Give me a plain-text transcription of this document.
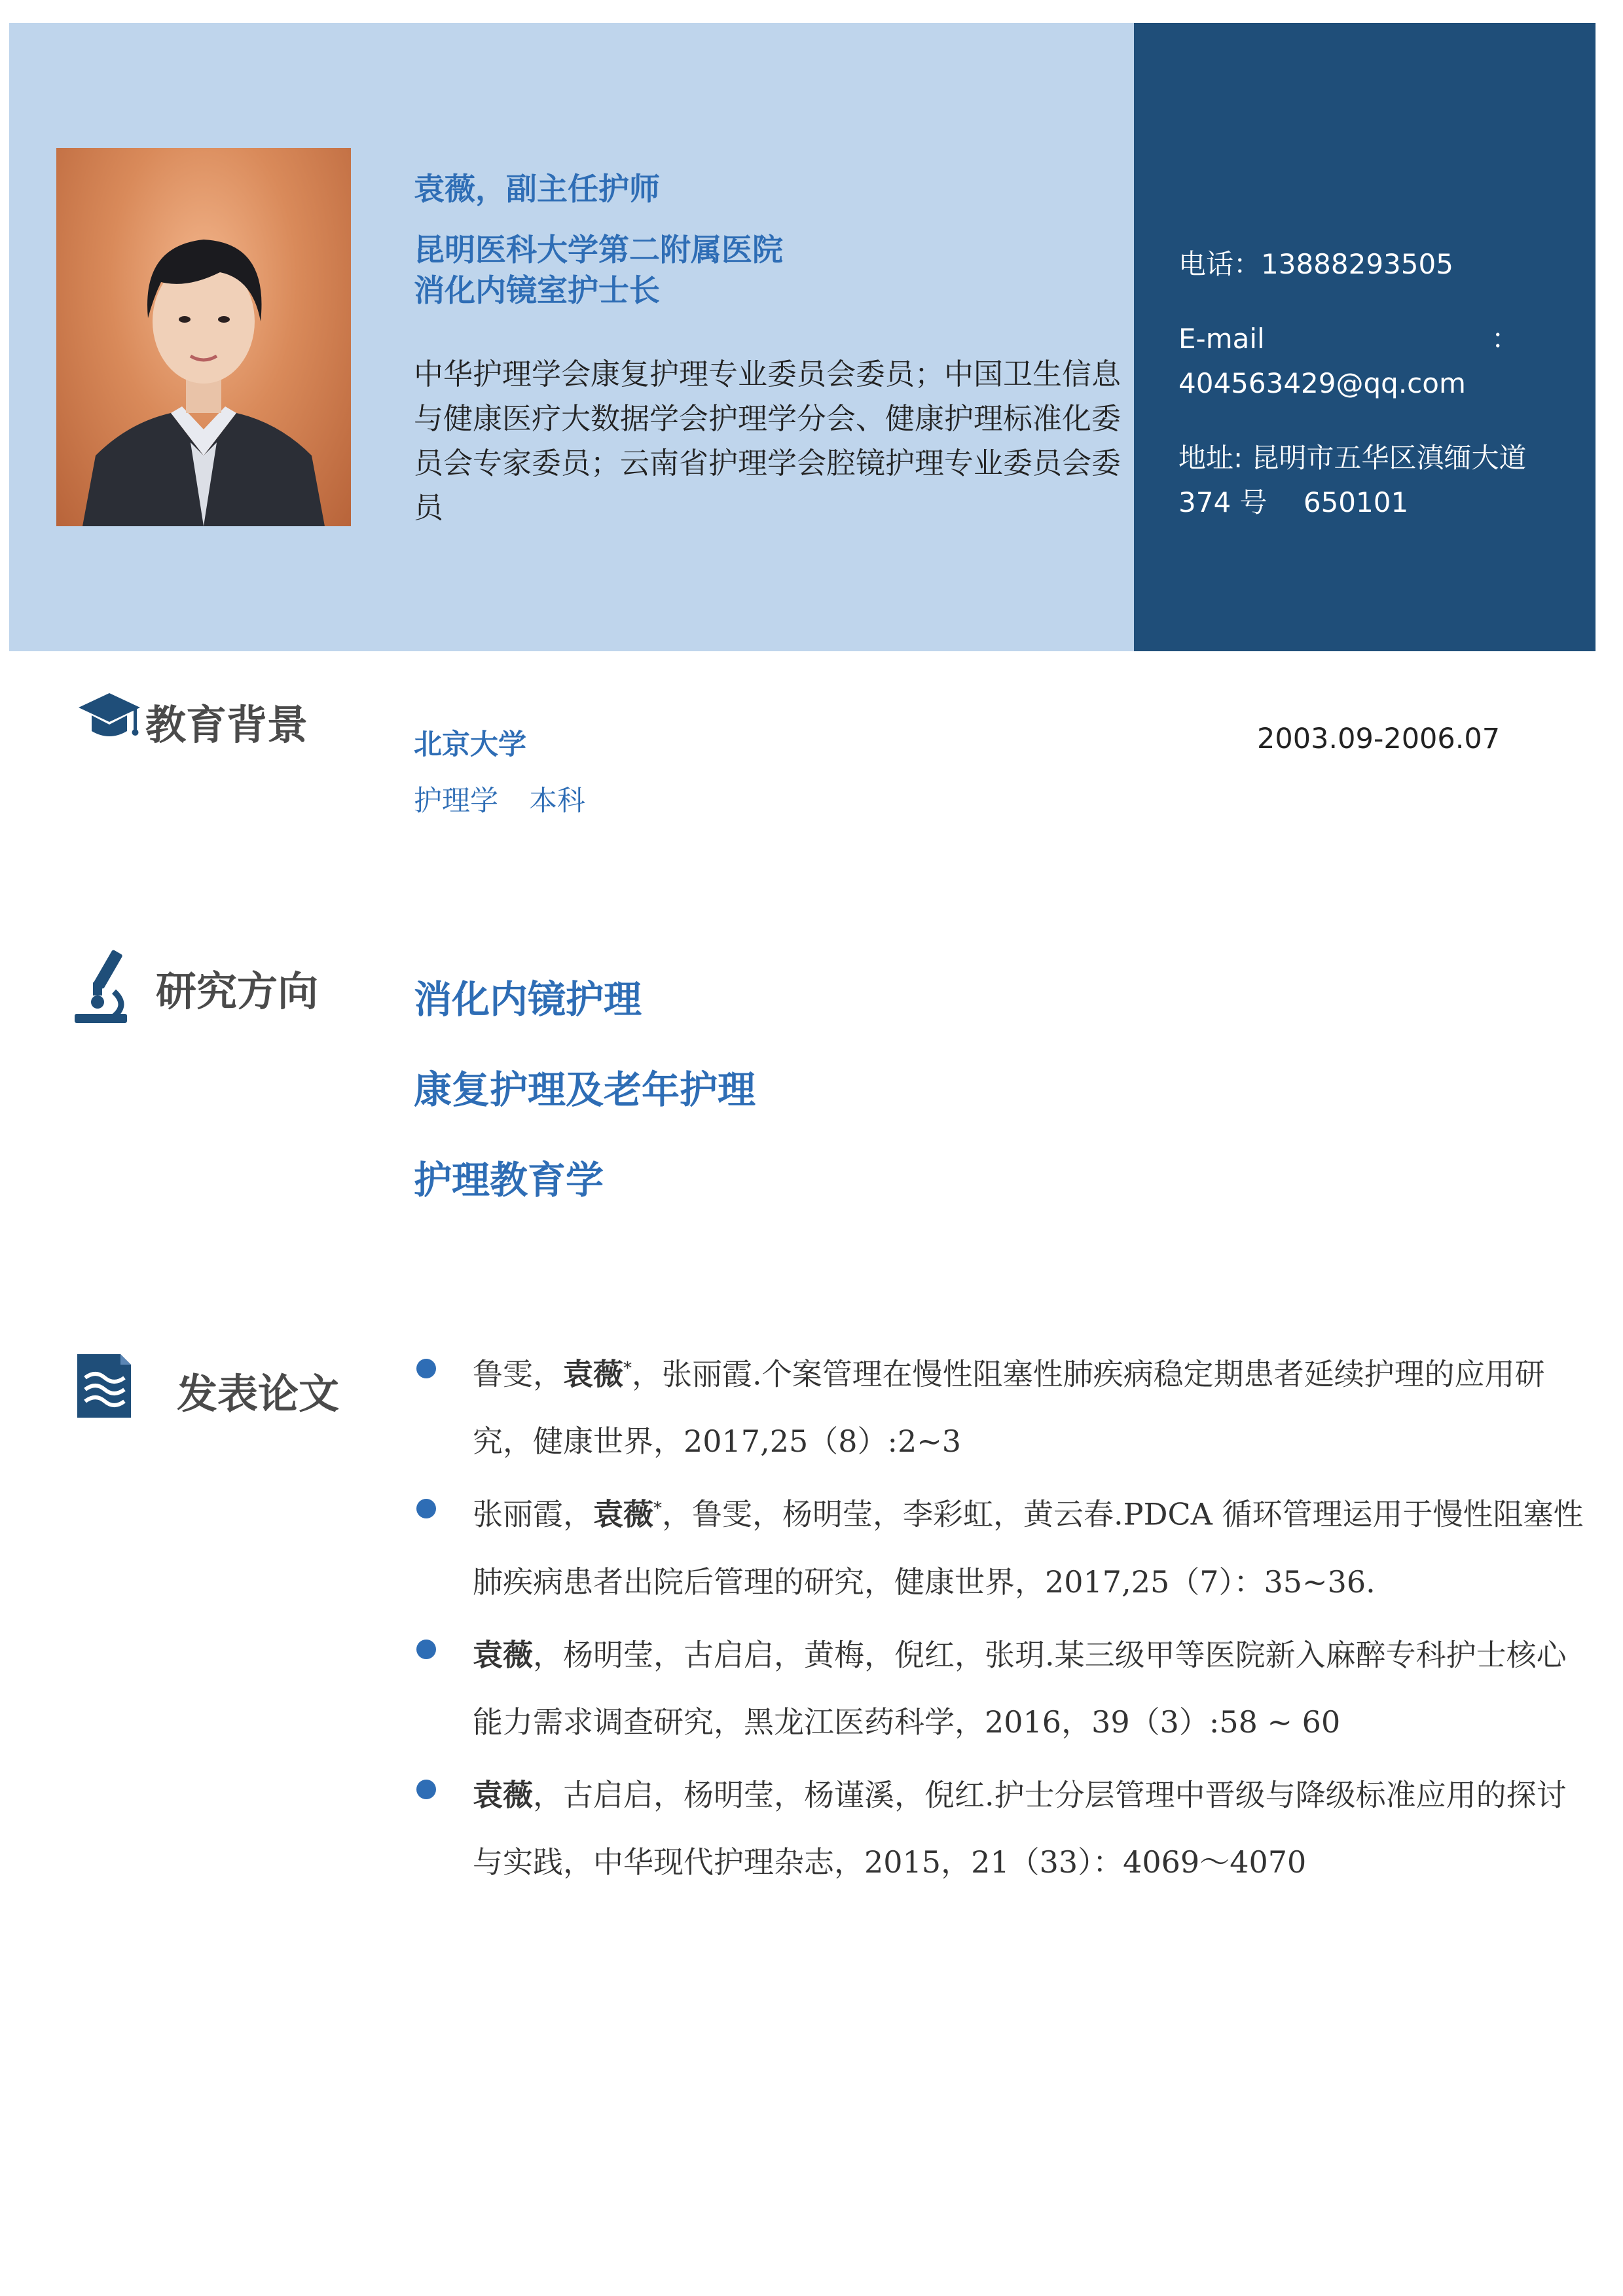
袁薇，副主任护师
昆明医科大学第二附属医院
消化内镜室护士长
中华护理学会康复护理专业委员会委员；中国卫生信息与健康医疗大数据学会护理学分会、健康护理标准化委员会专家委员；云南省护理学会腔镜护理专业委员会委员
电话：13888293505
E-mail	：
404563429@qq.com
地址: 昆明市五华区滇缅大道
374 号　 650101
教育背景	北京大学	2003.09-2006.07
护理学 本科
研究方向	消化内镜护理
康复护理及老年护理
护理教育学
发表论文	鲁雯，袁薇*，张丽霞.个案管理在慢性阻塞性肺疾病稳定期患者延续护理的应用研究，健康世界，2017,25（8）:2~3
张丽霞，袁薇*，鲁雯，杨明莹，李彩虹，黄云春.PDCA 循环管理运用于慢性阻塞性肺疾病患者出院后管理的研究，健康世界，2017,25（7）：35~36.
袁薇，杨明莹，古启启，黄梅，倪红，张玥.某三级甲等医院新入麻醉专科护士核心能力需求调查研究，黑龙江医药科学，2016，39（3）:58 ~ 60
袁薇，古启启，杨明莹，杨谨溪，倪红.护士分层管理中晋级与降级标准应用的探讨与实践，中华现代护理杂志，2015，21（33）：4069～4070
